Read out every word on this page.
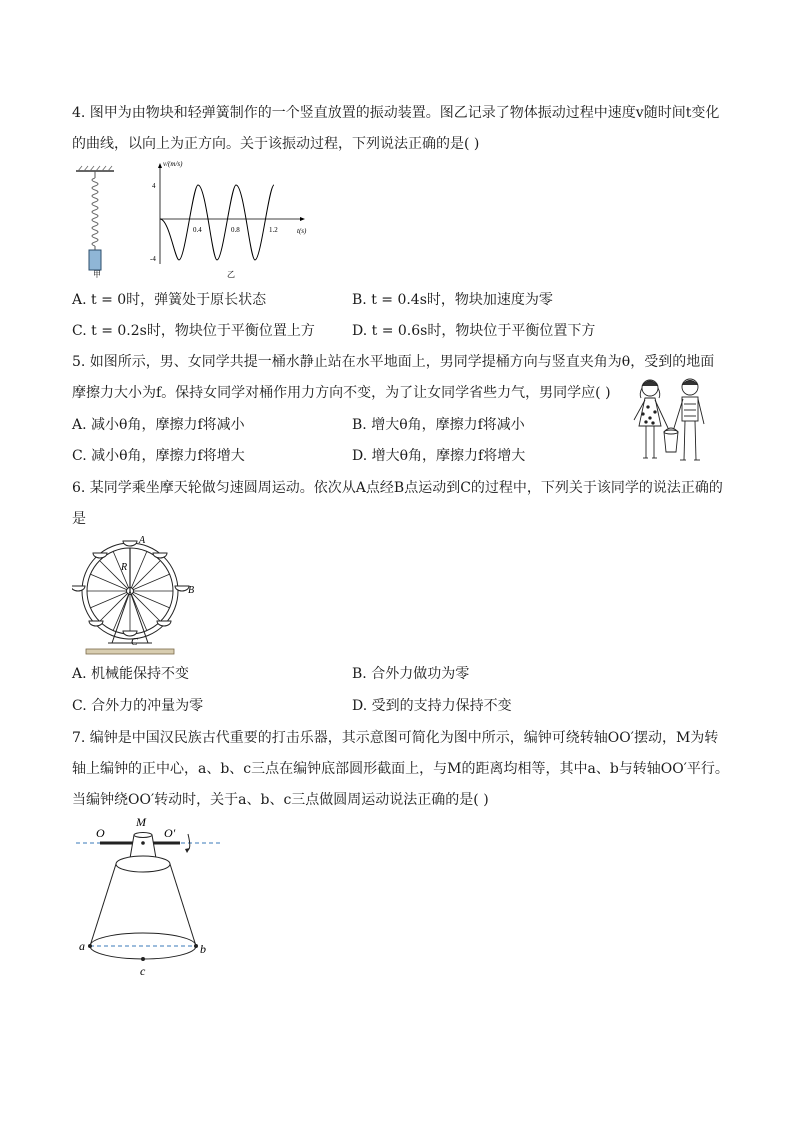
4. 图甲为由物块和轻弹簧制作的一个竖直放置的振动装置。图乙记录了物体振动过程中速度v随时间t变化
的曲线，以向上为正方向。关于该振动过程，下列说法正确的是( )
甲
v/(m/s)
t(s)
4
-4
0.4	0.8	1.2
乙
A. t = 0时，弹簧处于原长状态	B. t = 0.4s时，物块加速度为零
C. t = 0.2s时，物块位于平衡位置上方	D. t = 0.6s时，物块位于平衡位置下方
5. 如图所示，男、女同学共提一桶水静止站在水平地面上，男同学提桶方向与竖直夹角为θ，受到的地面
摩擦力大小为f。保持女同学对桶作用力方向不变，为了让女同学省些力气，男同学应( )
A. 减小θ角，摩擦力f将减小	B. 增大θ角，摩擦力f将减小
C. 减小θ角，摩擦力f将增大	D. 增大θ角，摩擦力f将增大
6. 某同学乘坐摩天轮做匀速圆周运动。依次从A点经B点运动到C的过程中，下列关于该同学的说法正确的
是
A
B
C
R
A. 机械能保持不变	B. 合外力做功为零
C. 合外力的冲量为零	D. 受到的支持力保持不变
7. 编钟是中国汉民族古代重要的打击乐器，其示意图可简化为图中所示，编钟可绕转轴OO′摆动，M为转
轴上编钟的正中心，a、b、c三点在编钟底部圆形截面上，与M的距离均相等，其中a、b与转轴OO′平行。
当编钟绕OO′转动时，关于a、b、c三点做圆周运动说法正确的是( )
O	O′
M
a	b
c
